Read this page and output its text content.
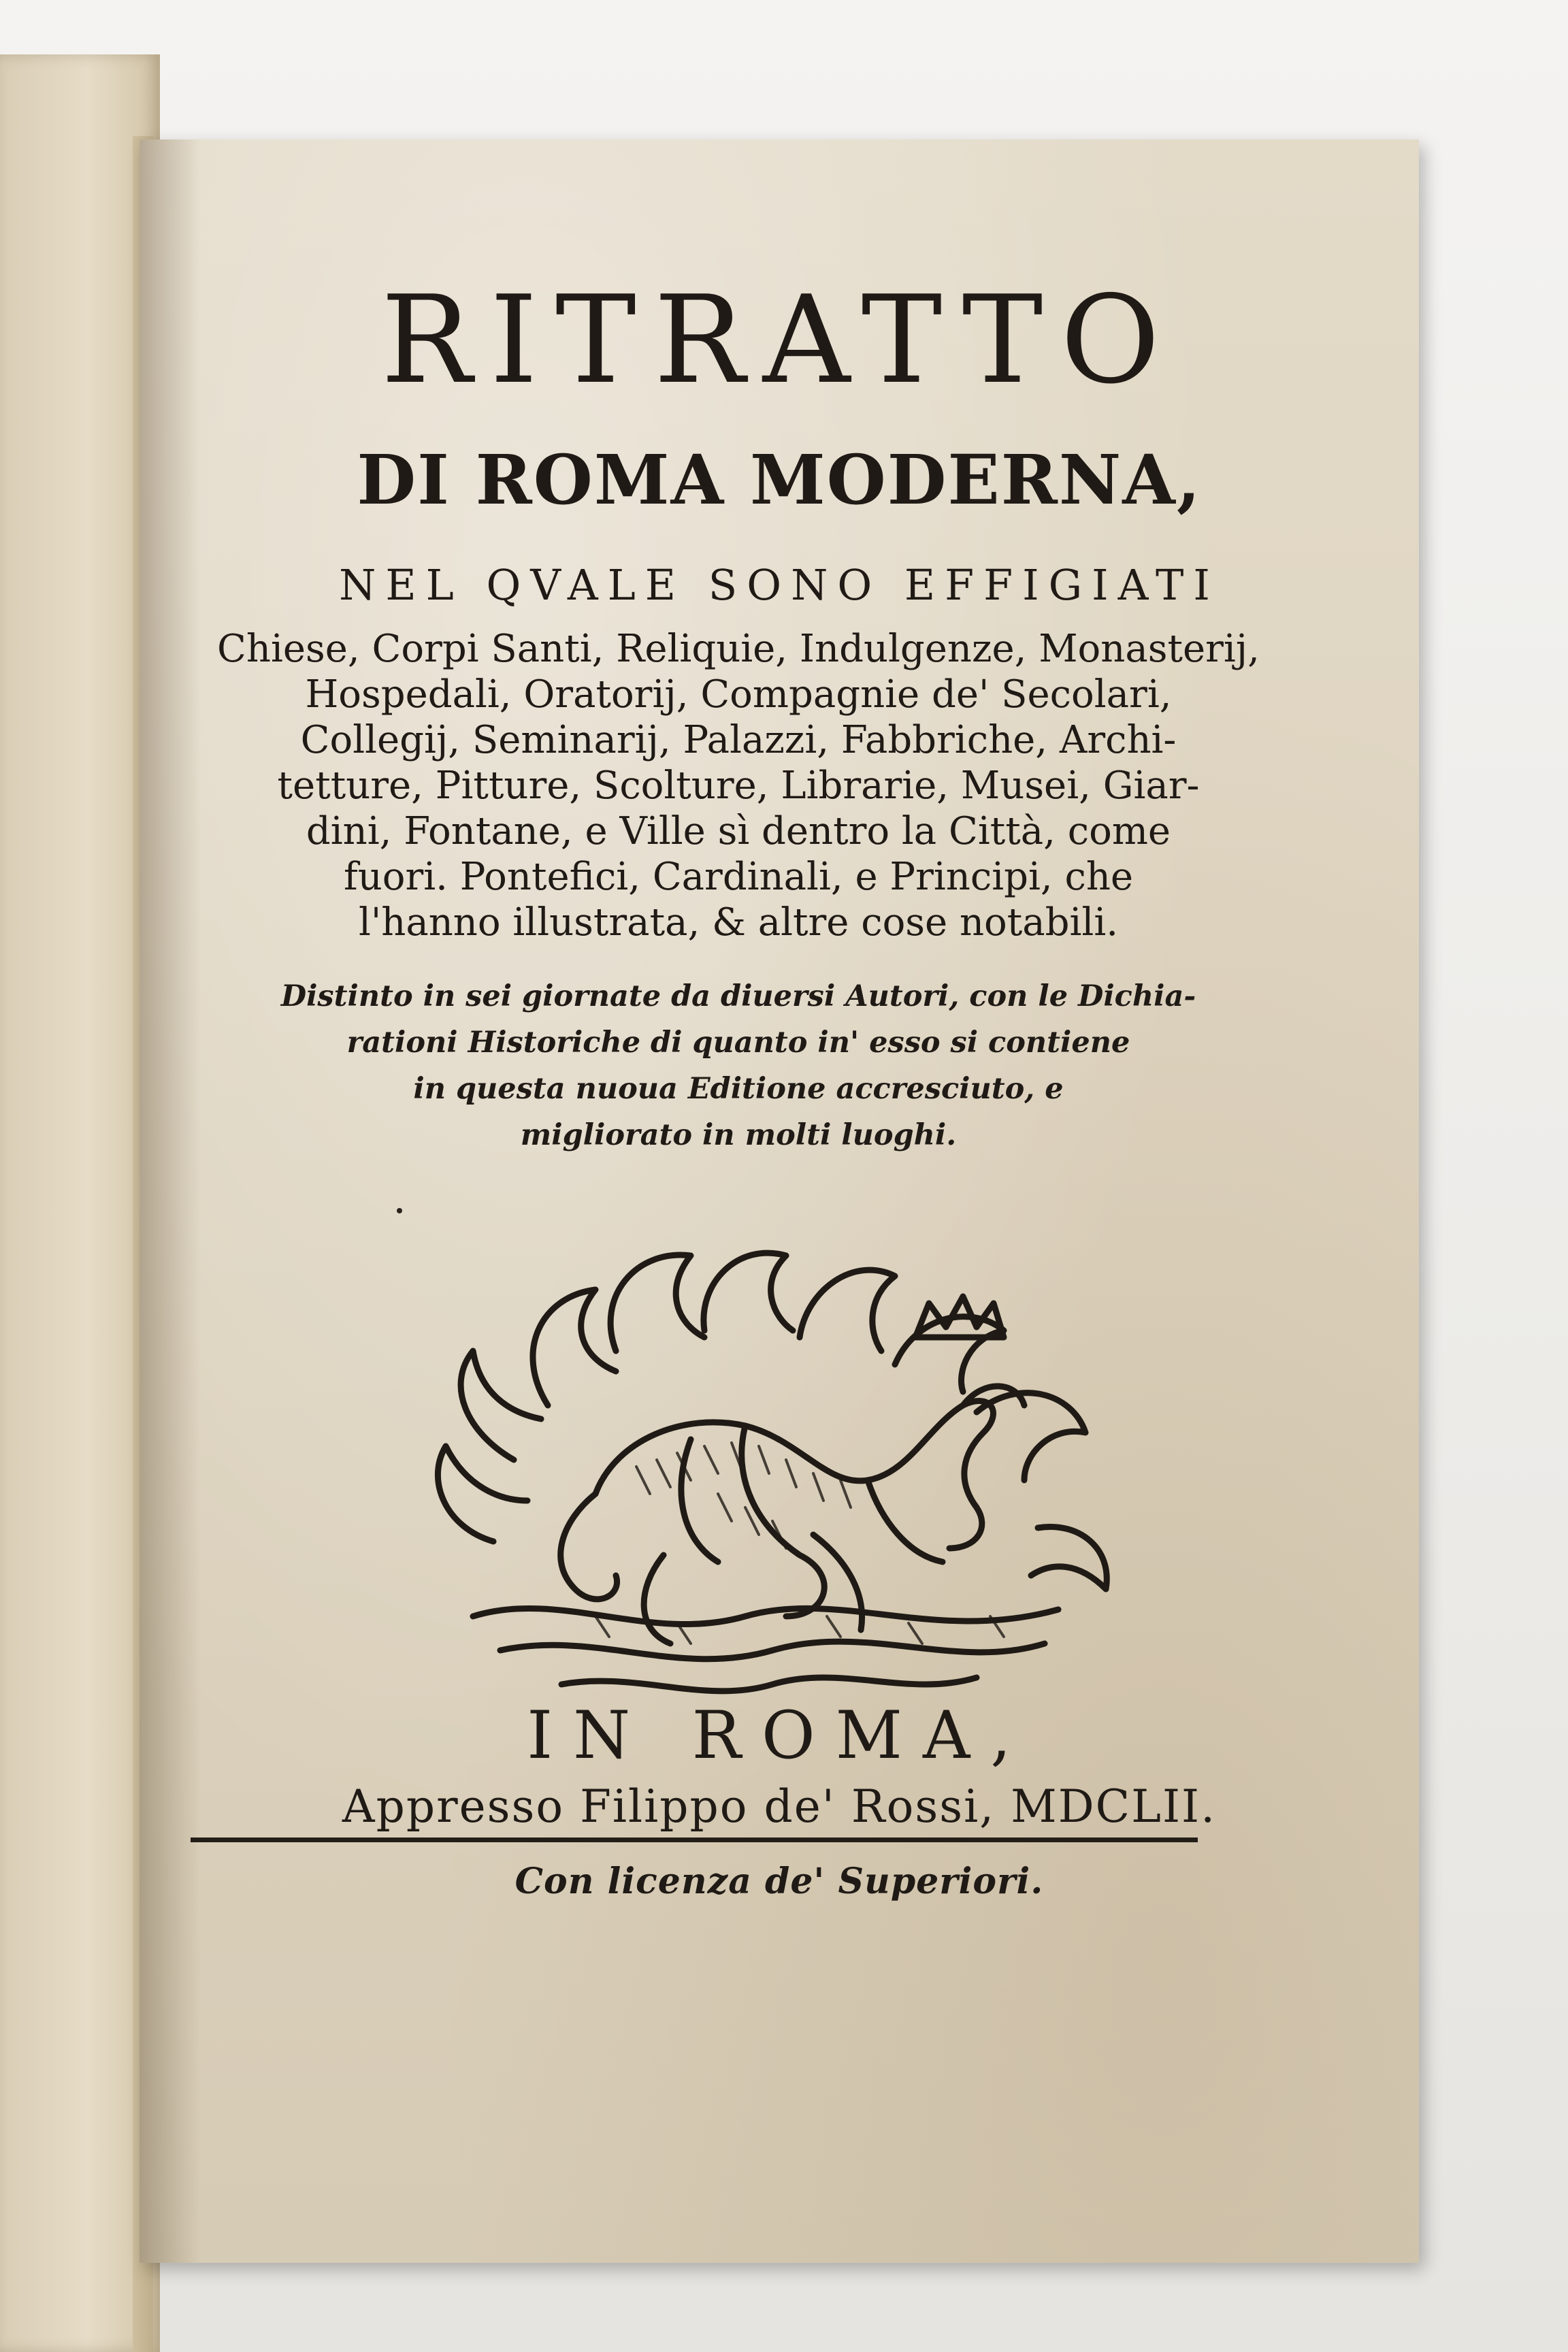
RITRATTO
DI ROMA MODERNA,
NEL QVALE SONO EFFIGIATI
Chiese, Corpi Santi, Reliquie, Indulgenze, Monasterij,
Hospedali, Oratorij, Compagnie de' Secolari,
Collegij, Seminarij, Palazzi, Fabbriche, Archi-
tetture, Pitture, Scolture, Librarie, Musei, Giar-
dini, Fontane, e Ville sì dentro la Città, come
fuori. Pontefici, Cardinali, e Principi, che
l'hanno illustrata, & altre cose notabili.
Distinto in sei giornate da diuersi Autori, con le Dichia-
rationi Historiche di quanto in' esso si contiene
in questa nuoua Editione accresciuto, e
migliorato in molti luoghi.
IN ROMA,
Appresso Filippo de' Rossi, MDCLII.
Con licenza de' Superiori.
